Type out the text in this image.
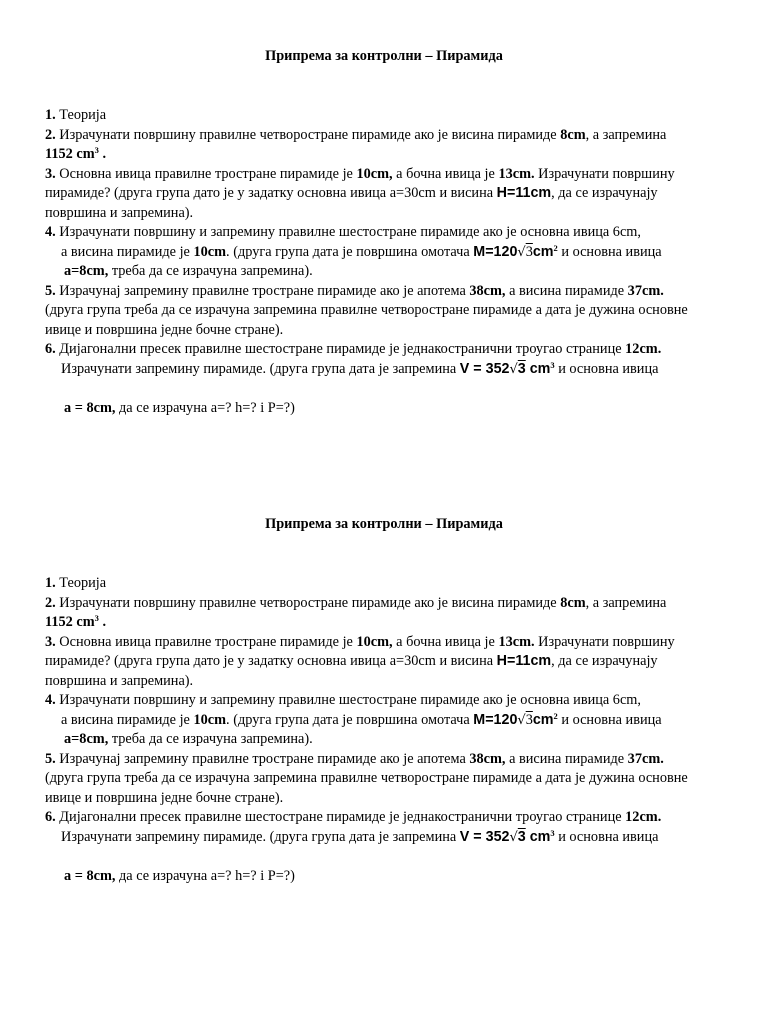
Припрема за контролни – Пирамида
1. Теорија
2. Израчунати површину правилне четворостране пирамиде ако је висина пирамиде 8cm, а запремина
1152 $cm^3$ .
3. Основна ивица правилне тростране пирамиде је 10cm, а бочна ивица је 13cm. Израчунати површину
пирамиде? (друга група дато је у задатку основна ивица a=30cm и висина H=11cm, да се израчунају
површина и запремина).
4. Израчунати површину и запремину правилне шестостране пирамиде ако је основна ивица 6cm,
а висина пирамиде је 10cm. (друга група дата је површина омотача $M=120√3cm^2$ и основна ивица
a=8cm, треба да се израчуна запремина).
5. Израчунај запремину правилне тростране пирамиде ако је апотема 38cm, а висина пирамиде 37cm.
(друга група треба да се израчуна запремина правилне четворостране пирамиде а дата је дужина основне
ивице и површина једне бочне стране).
6. Дијагонални пресек правилне шестостране пирамиде је једнакостранични троугао странице 12cm.
Израчунати запремину пирамиде. (друга група дата је запремина V = 352√3 $cm^3$ и основна ивица
a = 8cm, да се израчуна a=? h=? i P=?)
Припрема за контролни – Пирамида
1. Теорија
2. Израчунати површину правилне четворостране пирамиде ако је висина пирамиде 8cm, а запремина
1152 $cm^3$ .
3. Основна ивица правилне тростране пирамиде је 10cm, а бочна ивица је 13cm. Израчунати површину
пирамиде? (друга група дато је у задатку основна ивица a=30cm и висина H=11cm, да се израчунају
површина и запремина).
4. Израчунати површину и запремину правилне шестостране пирамиде ако је основна ивица 6cm,
а висина пирамиде је 10cm. (друга група дата је површина омотача $M=120√3cm^2$ и основна ивица
a=8cm, треба да се израчуна запремина).
5. Израчунај запремину правилне тростране пирамиде ако је апотема 38cm, а висина пирамиде 37cm.
(друга група треба да се израчуна запремина правилне четворостране пирамиде а дата је дужина основне
ивице и површина једне бочне стране).
6. Дијагонални пресек правилне шестостране пирамиде је једнакостранични троугао странице 12cm.
Израчунати запремину пирамиде. (друга група дата је запремина V = 352√3 $cm^3$ и основна ивица
a = 8cm, да се израчуна a=? h=? i P=?)
